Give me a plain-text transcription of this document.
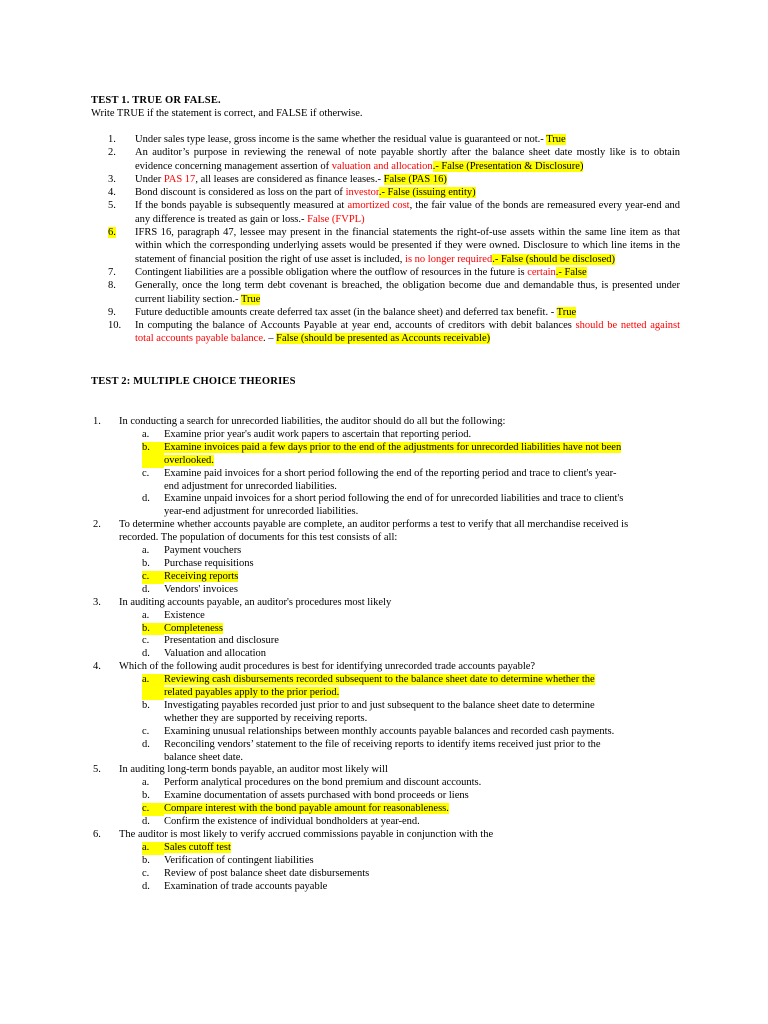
TEST 1. TRUE OR FALSE.
Write TRUE if the statement is correct, and FALSE if otherwise.
1.	Under sales type lease, gross income is the same whether the residual value is guaranteed or not.- True
2.	An auditor’s purpose in reviewing the renewal of note payable shortly after the balance sheet date mostly like is to obtain evidence concerning management assertion of valuation and allocation.- False (Presentation & Disclosure)
3.	Under PAS 17, all leases are considered as finance leases.- False (PAS 16)
4.	Bond discount is considered as loss on the part of investor.- False (issuing entity)
5.	If the bonds payable is subsequently measured at amortized cost, the fair value of the bonds are remeasured every year-end and any difference is treated as gain or loss.- False (FVPL)
6.	IFRS 16, paragraph 47, lessee may present in the financial statements the right-of-use assets within the same line item as that within which the corresponding underlying assets would be presented if they were owned. Disclosure to which line items in the statement of financial position the right of use asset is included, is no longer required.- False (should be disclosed)
7.	Contingent liabilities are a possible obligation where the outflow of resources in the future is certain.- False
8.	Generally, once the long term debt covenant is breached, the obligation become due and demandable thus, is presented under current liability section.- True
9.	Future deductible amounts create deferred tax asset (in the balance sheet) and deferred tax benefit. - True
10.	In computing the balance of Accounts Payable at year end, accounts of creditors with debit balances should be netted against total accounts payable balance. – False (should be presented as Accounts receivable)
TEST 2: MULTIPLE CHOICE THEORIES
1.	In conducting a search for unrecorded liabilities, the auditor should do all but the following:
a.	Examine prior year's audit work papers to ascertain that reporting period.
b.	Examine invoices paid a few days prior to the end of the adjustments for unrecorded liabilities have not been overlooked.
c.	Examine paid invoices for a short period following the end of the reporting period and trace to client's year-end adjustment for unrecorded liabilities.
d.	Examine unpaid invoices for a short period following the end of for unrecorded liabilities and trace to client's year-end adjustment for unrecorded liabilities.
2.	To determine whether accounts payable are complete, an auditor performs a test to verify that all merchandise received is recorded. The population of documents for this test consists of all:
a.	Payment vouchers
b.	Purchase requisitions
c.	Receiving reports
d.	Vendors' invoices
3.	In auditing accounts payable, an auditor's procedures most likely
a.	Existence
b.	Completeness
c.	Presentation and disclosure
d.	Valuation and allocation
4.	Which of the following audit procedures is best for identifying unrecorded trade accounts payable?
a.	Reviewing cash disbursements recorded subsequent to the balance sheet date to determine whether the related payables apply to the prior period.
b.	Investigating payables recorded just prior to and just subsequent to the balance sheet date to determine whether they are supported by receiving reports.
c.	Examining unusual relationships between monthly accounts payable balances and recorded cash payments.
d.	Reconciling vendors’ statement to the file of receiving reports to identify items received just prior to the balance sheet date.
5.	In auditing long-term bonds payable, an auditor most likely will
a.	Perform analytical procedures on the bond premium and discount accounts.
b.	Examine documentation of assets purchased with bond proceeds or liens
c.	Compare interest with the bond payable amount for reasonableness.
d.	Confirm the existence of individual bondholders at year-end.
6.	The auditor is most likely to verify accrued commissions payable in conjunction with the
a.	Sales cutoff test
b.	Verification of contingent liabilities
c.	Review of post balance sheet date disbursements
d.	Examination of trade accounts payable
